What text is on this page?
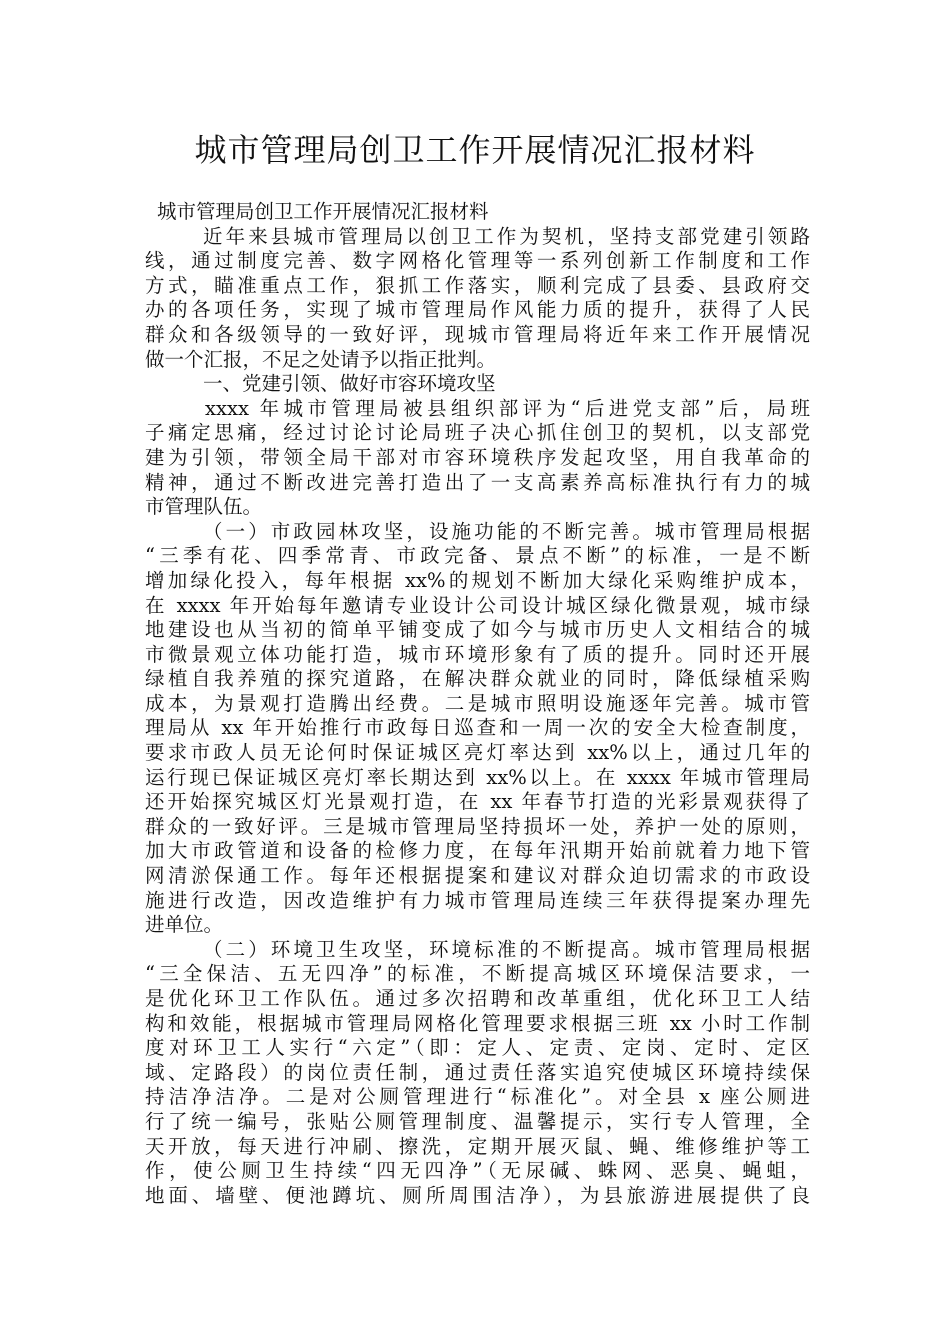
城市管理局创卫工作开展情况汇报材料
城市管理局创卫工作开展情况汇报材料
近年来县城市管理局以创卫工作为契机，坚持支部党建引领路
线，通过制度完善、数字网格化管理等一系列创新工作制度和工作
方式，瞄准重点工作，狠抓工作落实，顺利完成了县委、县政府交
办的各项任务，实现了城市管理局作风能力质的提升，获得了人民
群众和各级领导的一致好评，现城市管理局将近年来工作开展情况
做一个汇报，不足之处请予以指正批判。
一、党建引领、做好市容环境攻坚
xxxx 年城市管理局被县组织部评为“后进党支部”后，局班
子痛定思痛，经过讨论讨论局班子决心抓住创卫的契机，以支部党
建为引领，带领全局干部对市容环境秩序发起攻坚，用自我革命的
精神，通过不断改进完善打造出了一支高素养高标准执行有力的城
市管理队伍。
（一）市政园林攻坚，设施功能的不断完善。城市管理局根据
“三季有花、四季常青、市政完备、景点不断”的标准，一是不断
增加绿化投入，每年根据 xx%的规划不断加大绿化采购维护成本，
在 xxxx 年开始每年邀请专业设计公司设计城区绿化微景观，城市绿
地建设也从当初的简单平铺变成了如今与城市历史人文相结合的城
市微景观立体功能打造，城市环境形象有了质的提升。同时还开展
绿植自我养殖的探究道路，在解决群众就业的同时，降低绿植采购
成本，为景观打造腾出经费。二是城市照明设施逐年完善。城市管
理局从 xx 年开始推行市政每日巡查和一周一次的安全大检查制度，
要求市政人员无论何时保证城区亮灯率达到 xx%以上，通过几年的
运行现已保证城区亮灯率长期达到 xx%以上。在 xxxx 年城市管理局
还开始探究城区灯光景观打造，在 xx 年春节打造的光彩景观获得了
群众的一致好评。三是城市管理局坚持损坏一处，养护一处的原则，
加大市政管道和设备的检修力度，在每年汛期开始前就着力地下管
网清淤保通工作。每年还根据提案和建议对群众迫切需求的市政设
施进行改造，因改造维护有力城市管理局连续三年获得提案办理先
进单位。
（二）环境卫生攻坚，环境标准的不断提高。城市管理局根据
“三全保洁、五无四净”的标准，不断提高城区环境保洁要求，一
是优化环卫工作队伍。通过多次招聘和改革重组，优化环卫工人结
构和效能，根据城市管理局网格化管理要求根据三班 xx 小时工作制
度对环卫工人实行“六定”（即：定人、定责、定岗、定时、定区
域、定路段）的岗位责任制，通过责任落实追究使城区环境持续保
持洁净洁净。二是对公厕管理进行“标准化”。对全县 x 座公厕进
行了统一编号，张贴公厕管理制度、温馨提示，实行专人管理，全
天开放，每天进行冲刷、擦洗，定期开展灭鼠、蝇、维修维护等工
作，使公厕卫生持续“四无四净”（无尿碱、蛛网、恶臭、蝇蛆，
地面、墙壁、便池蹲坑、厕所周围洁净），为县旅游进展提供了良
